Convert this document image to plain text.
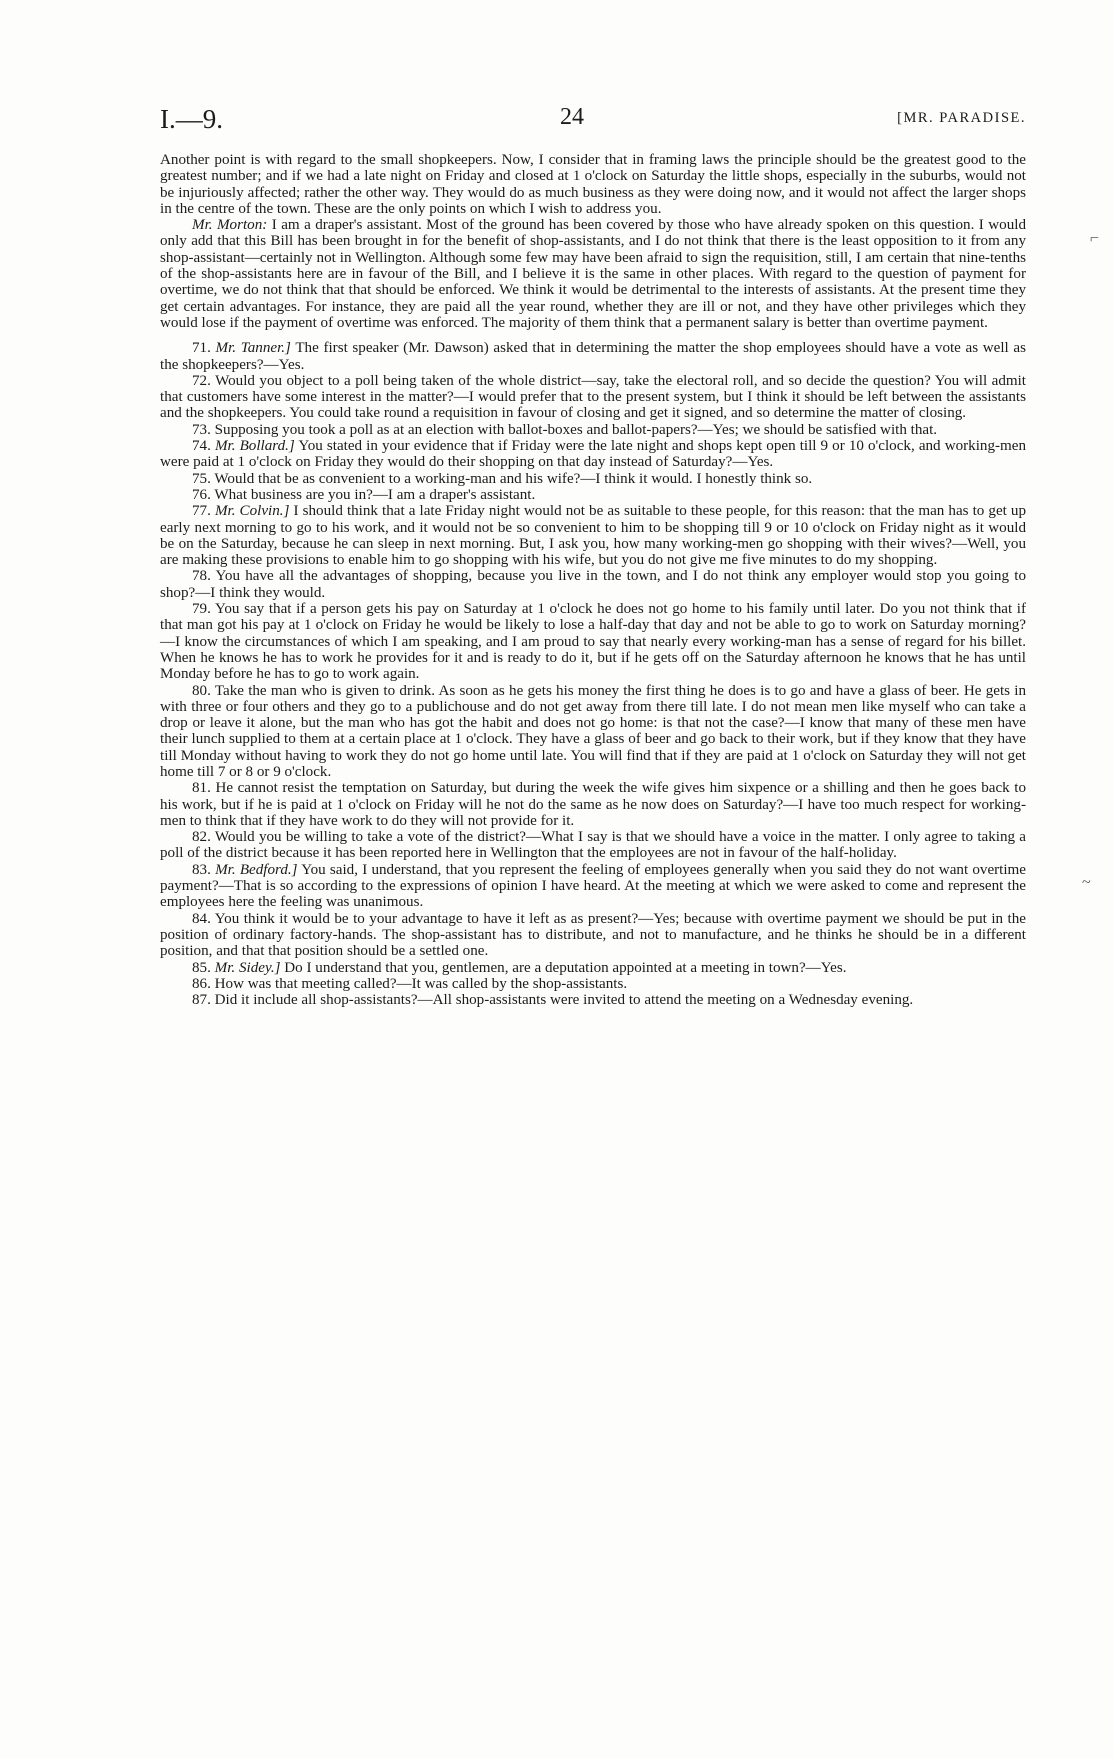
I.—9.	24	[MR. PARADISE.

Another point is with regard to the small shopkeepers. Now, I consider that in framing laws the principle should be the greatest good to the greatest number; and if we had a late night on Friday and closed at 1 o'clock on Saturday the little shops, especially in the suburbs, would not be injuriously affected; rather the other way. They would do as much business as they were doing now, and it would not affect the larger shops in the centre of the town. These are the only points on which I wish to address you.

Mr. Morton: I am a draper's assistant. Most of the ground has been covered by those who have already spoken on this question. I would only add that this Bill has been brought in for the benefit of shop-assistants, and I do not think that there is the least opposition to it from any shop-assistant—certainly not in Wellington. Although some few may have been afraid to sign the requisition, still, I am certain that nine-tenths of the shop-assistants here are in favour of the Bill, and I believe it is the same in other places. With regard to the question of payment for overtime, we do not think that that should be enforced. We think it would be detrimental to the interests of assistants. At the present time they get certain advantages. For instance, they are paid all the year round, whether they are ill or not, and they have other privileges which they would lose if the payment of overtime was enforced. The majority of them think that a permanent salary is better than overtime payment.

71. Mr. Tanner.] The first speaker (Mr. Dawson) asked that in determining the matter the shop employees should have a vote as well as the shopkeepers?—Yes.

72. Would you object to a poll being taken of the whole district—say, take the electoral roll, and so decide the question? You will admit that customers have some interest in the matter?—I would prefer that to the present system, but I think it should be left between the assistants and the shopkeepers. You could take round a requisition in favour of closing and get it signed, and so determine the matter of closing.

73. Supposing you took a poll as at an election with ballot-boxes and ballot-papers?—Yes; we should be satisfied with that.

74. Mr. Bollard.] You stated in your evidence that if Friday were the late night and shops kept open till 9 or 10 o'clock, and working-men were paid at 1 o'clock on Friday they would do their shopping on that day instead of Saturday?—Yes.

75. Would that be as convenient to a working-man and his wife?—I think it would. I honestly think so.

76. What business are you in?—I am a draper's assistant.

77. Mr. Colvin.] I should think that a late Friday night would not be as suitable to these people, for this reason: that the man has to get up early next morning to go to his work, and it would not be so convenient to him to be shopping till 9 or 10 o'clock on Friday night as it would be on the Saturday, because he can sleep in next morning. But, I ask you, how many working-men go shopping with their wives?—Well, you are making these provisions to enable him to go shopping with his wife, but you do not give me five minutes to do my shopping.

78. You have all the advantages of shopping, because you live in the town, and I do not think any employer would stop you going to shop?—I think they would.

79. You say that if a person gets his pay on Saturday at 1 o'clock he does not go home to his family until later. Do you not think that if that man got his pay at 1 o'clock on Friday he would be likely to lose a half-day that day and not be able to go to work on Saturday morning?—I know the circumstances of which I am speaking, and I am proud to say that nearly every working-man has a sense of regard for his billet. When he knows he has to work he provides for it and is ready to do it, but if he gets off on the Saturday afternoon he knows that he has until Monday before he has to go to work again.

80. Take the man who is given to drink. As soon as he gets his money the first thing he does is to go and have a glass of beer. He gets in with three or four others and they go to a publichouse and do not get away from there till late. I do not mean men like myself who can take a drop or leave it alone, but the man who has got the habit and does not go home: is that not the case?—I know that many of these men have their lunch supplied to them at a certain place at 1 o'clock. They have a glass of beer and go back to their work, but if they know that they have till Monday without having to work they do not go home until late. You will find that if they are paid at 1 o'clock on Saturday they will not get home till 7 or 8 or 9 o'clock.

81. He cannot resist the temptation on Saturday, but during the week the wife gives him sixpence or a shilling and then he goes back to his work, but if he is paid at 1 o'clock on Friday will he not do the same as he now does on Saturday?—I have too much respect for working-men to think that if they have work to do they will not provide for it.

82. Would you be willing to take a vote of the district?—What I say is that we should have a voice in the matter. I only agree to taking a poll of the district because it has been reported here in Wellington that the employees are not in favour of the half-holiday.

83. Mr. Bedford.] You said, I understand, that you represent the feeling of employees generally when you said they do not want overtime payment?—That is so according to the expressions of opinion I have heard. At the meeting at which we were asked to come and represent the employees here the feeling was unanimous.

84. You think it would be to your advantage to have it left as as present?—Yes; because with overtime payment we should be put in the position of ordinary factory-hands. The shop-assistant has to distribute, and not to manufacture, and he thinks he should be in a different position, and that that position should be a settled one.

85. Mr. Sidey.] Do I understand that you, gentlemen, are a deputation appointed at a meeting in town?—Yes.

86. How was that meeting called?—It was called by the shop-assistants.

87. Did it include all shop-assistants?—All shop-assistants were invited to attend the meeting on a Wednesday evening.

⌐
~
